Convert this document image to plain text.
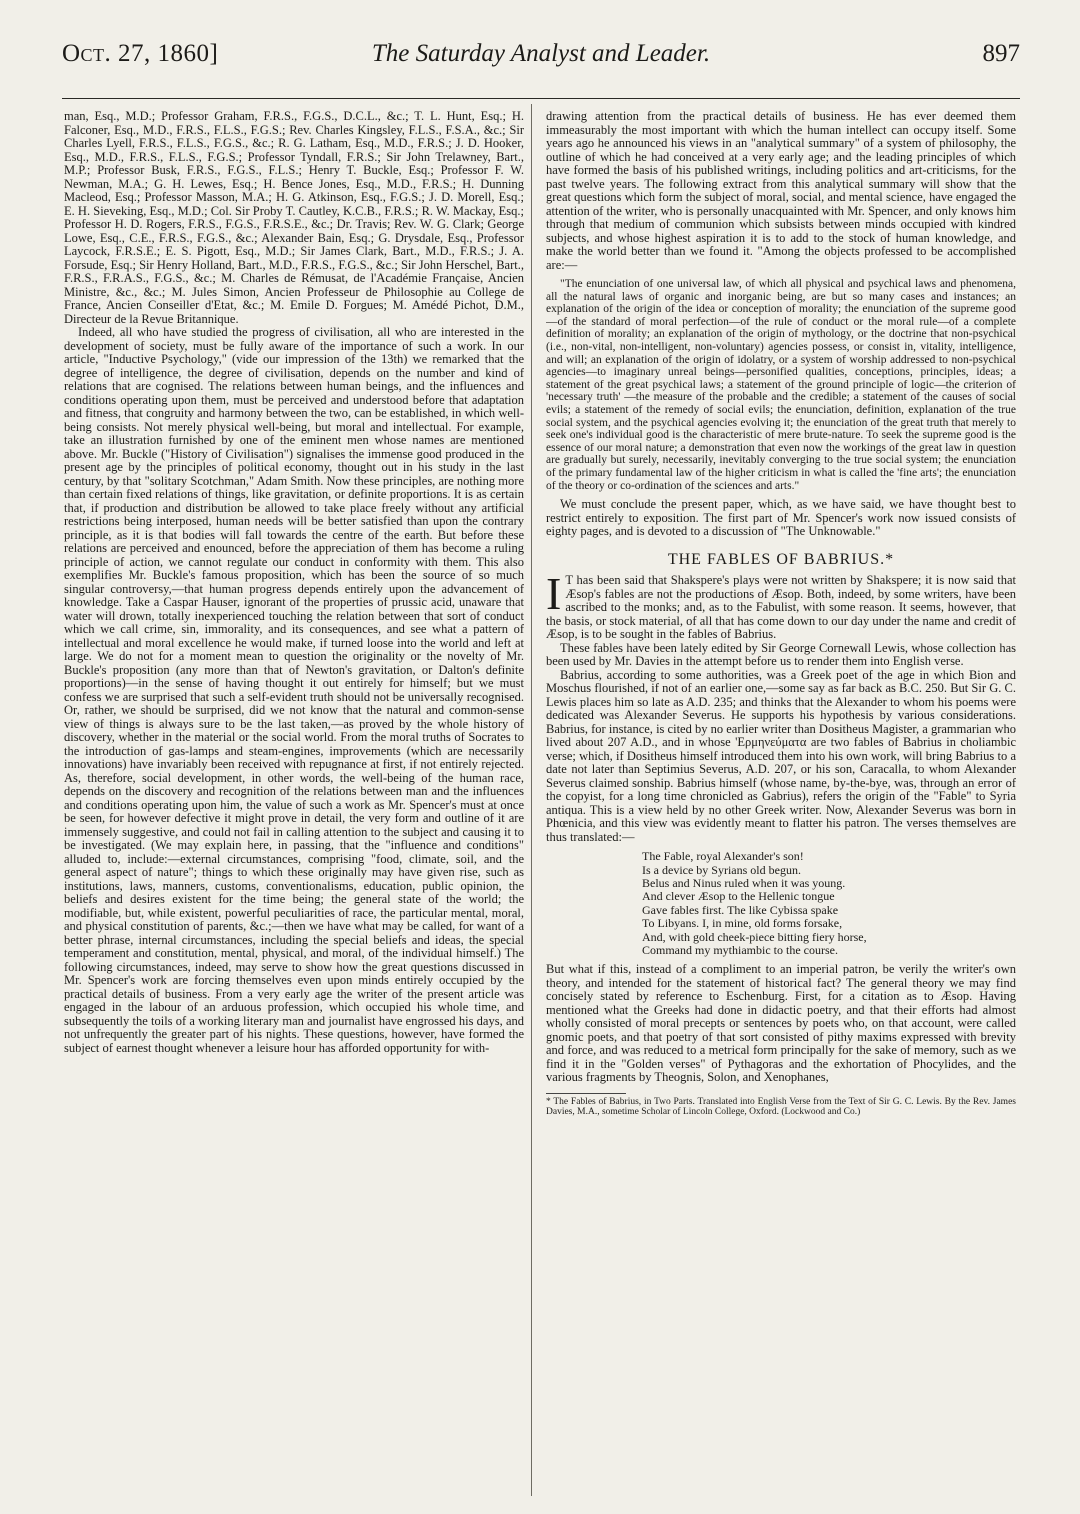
Oct. 27, 1860]	The Saturday Analyst and Leader.	897

man, Esq., M.D.; Professor Graham, F.R.S., F.G.S., D.C.L., &c.; T. L. Hunt, Esq.; H. Falconer, Esq., M.D., F.R.S., F.L.S., F.G.S.; Rev. Charles Kingsley, F.L.S., F.S.A., &c.; Sir Charles Lyell, F.R.S., F.L.S., F.G.S., &c.; R. G. Latham, Esq., M.D., F.R.S.; J. D. Hooker, Esq., M.D., F.R.S., F.L.S., F.G.S.; Professor Tyndall, F.R.S.; Sir John Trelawney, Bart., M.P.; Professor Busk, F.R.S., F.G.S., F.L.S.; Henry T. Buckle, Esq.; Professor F. W. Newman, M.A.; G. H. Lewes, Esq.; H. Bence Jones, Esq., M.D., F.R.S.; H. Dunning Macleod, Esq.; Professor Masson, M.A.; H. G. Atkinson, Esq., F.G.S.; J. D. Morell, Esq.; E. H. Sieveking, Esq., M.D.; Col. Sir Proby T. Cautley, K.C.B., F.R.S.; R. W. Mackay, Esq.; Professor H. D. Rogers, F.R.S., F.G.S., F.R.S.E., &c.; Dr. Travis; Rev. W. G. Clark; George Lowe, Esq., C.E., F.R.S., F.G.S., &c.; Alexander Bain, Esq.; G. Drysdale, Esq., Professor Laycock, F.R.S.E.; E. S. Pigott, Esq., M.D.; Sir James Clark, Bart., M.D., F.R.S.; J. A. Forsude, Esq.; Sir Henry Holland, Bart., M.D., F.R.S., F.G.S., &c.; Sir John Herschel, Bart., F.R.S., F.R.A.S., F.G.S., &c.; M. Charles de Rémusat, de l'Académie Française, Ancien Ministre, &c., &c.; M. Jules Simon, Ancien Professeur de Philosophie au College de France, Ancien Conseiller d'Etat, &c.; M. Emile D. Forgues; M. Amédé Pichot, D.M., Directeur de la Revue Britannique.

Indeed, all who have studied the progress of civilisation, all who are interested in the development of society, must be fully aware of the importance of such a work. In our article, "Inductive Psychology," (vide our impression of the 13th) we remarked that the degree of intelligence, the degree of civilisation, depends on the number and kind of relations that are cognised. The relations between human beings, and the influences and conditions operating upon them, must be perceived and understood before that adaptation and fitness, that congruity and harmony between the two, can be established, in which well-being consists. Not merely physical well-being, but moral and intellectual. For example, take an illustration furnished by one of the eminent men whose names are mentioned above. Mr. Buckle ("History of Civilisation") signalises the immense good produced in the present age by the principles of political economy, thought out in his study in the last century, by that "solitary Scotchman," Adam Smith. Now these principles, are nothing more than certain fixed relations of things, like gravitation, or definite proportions. It is as certain that, if production and distribution be allowed to take place freely without any artificial restrictions being interposed, human needs will be better satisfied than upon the contrary principle, as it is that bodies will fall towards the centre of the earth. But before these relations are perceived and enounced, before the appreciation of them has become a ruling principle of action, we cannot regulate our conduct in conformity with them. This also exemplifies Mr. Buckle's famous proposition, which has been the source of so much singular controversy,—that human progress depends entirely upon the advancement of knowledge. Take a Caspar Hauser, ignorant of the properties of prussic acid, unaware that water will drown, totally inexperienced touching the relation between that sort of conduct which we call crime, sin, immorality, and its consequences, and see what a pattern of intellectual and moral excellence he would make, if turned loose into the world and left at large. We do not for a moment mean to question the originality or the novelty of Mr. Buckle's proposition (any more than that of Newton's gravitation, or Dalton's definite proportions)—in the sense of having thought it out entirely for himself; but we must confess we are surprised that such a self-evident truth should not be universally recognised. Or, rather, we should be surprised, did we not know that the natural and common-sense view of things is always sure to be the last taken,—as proved by the whole history of discovery, whether in the material or the social world. From the moral truths of Socrates to the introduction of gas-lamps and steam-engines, improvements (which are necessarily innovations) have invariably been received with repugnance at first, if not entirely rejected. As, therefore, social development, in other words, the well-being of the human race, depends on the discovery and recognition of the relations between man and the influences and conditions operating upon him, the value of such a work as Mr. Spencer's must at once be seen, for however defective it might prove in detail, the very form and outline of it are immensely suggestive, and could not fail in calling attention to the subject and causing it to be investigated. (We may explain here, in passing, that the "influence and conditions" alluded to, include:—external circumstances, comprising "food, climate, soil, and the general aspect of nature"; things to which these originally may have given rise, such as institutions, laws, manners, customs, conventionalisms, education, public opinion, the beliefs and desires existent for the time being; the general state of the world; the modifiable, but, while existent, powerful peculiarities of race, the particular mental, moral, and physical constitution of parents, &c.;—then we have what may be called, for want of a better phrase, internal circumstances, including the special beliefs and ideas, the special temperament and constitution, mental, physical, and moral, of the individual himself.) The following circumstances, indeed, may serve to show how the great questions discussed in Mr. Spencer's work are forcing themselves even upon minds entirely occupied by the practical details of business. From a very early age the writer of the present article was engaged in the labour of an arduous profession, which occupied his whole time, and subsequently the toils of a working literary man and journalist have engrossed his days, and not unfrequently the greater part of his nights. These questions, however, have formed the subject of earnest thought whenever a leisure hour has afforded opportunity for with-

drawing attention from the practical details of business. He has ever deemed them immeasurably the most important with which the human intellect can occupy itself. Some years ago he announced his views in an "analytical summary" of a system of philosophy, the outline of which he had conceived at a very early age; and the leading principles of which have formed the basis of his published writings, including politics and art-criticisms, for the past twelve years. The following extract from this analytical summary will show that the great questions which form the subject of moral, social, and mental science, have engaged the attention of the writer, who is personally unacquainted with Mr. Spencer, and only knows him through that medium of communion which subsists between minds occupied with kindred subjects, and whose highest aspiration it is to add to the stock of human knowledge, and make the world better than we found it. "Among the objects professed to be accomplished are:—

"The enunciation of one universal law, of which all physical and psychical laws and phenomena, all the natural laws of organic and inorganic being, are but so many cases and instances; an explanation of the origin of the idea or conception of morality; the enunciation of the supreme good—of the standard of moral perfection—of the rule of conduct or the moral rule—of a complete definition of morality; an explanation of the origin of mythology, or the doctrine that non-psychical (i.e., non-vital, non-intelligent, non-voluntary) agencies possess, or consist in, vitality, intelligence, and will; an explanation of the origin of idolatry, or a system of worship addressed to non-psychical agencies—to imaginary unreal beings—personified qualities, conceptions, principles, ideas; a statement of the great psychical laws; a statement of the ground principle of logic—the criterion of 'necessary truth' —the measure of the probable and the credible; a statement of the causes of social evils; a statement of the remedy of social evils; the enunciation, definition, explanation of the true social system, and the psychical agencies evolving it; the enunciation of the great truth that merely to seek one's individual good is the characteristic of mere brute-nature. To seek the supreme good is the essence of our moral nature; a demonstration that even now the workings of the great law in question are gradually but surely, necessarily, inevitably converging to the true social system; the enunciation of the primary fundamental law of the higher criticism in what is called the 'fine arts'; the enunciation of the theory or co-ordination of the sciences and arts."

We must conclude the present paper, which, as we have said, we have thought best to restrict entirely to exposition. The first part of Mr. Spencer's work now issued consists of eighty pages, and is devoted to a discussion of "The Unknowable."

THE FABLES OF BABRIUS.*

I T has been said that Shakspere's plays were not written by Shakspere; it is now said that Æsop's fables are not the productions of Æsop. Both, indeed, by some writers, have been ascribed to the monks; and, as to the Fabulist, with some reason. It seems, however, that the basis, or stock material, of all that has come down to our day under the name and credit of Æsop, is to be sought in the fables of Babrius.

These fables have been lately edited by Sir George Cornewall Lewis, whose collection has been used by Mr. Davies in the attempt before us to render them into English verse.

Babrius, according to some authorities, was a Greek poet of the age in which Bion and Moschus flourished, if not of an earlier one,—some say as far back as B.C. 250. But Sir G. C. Lewis places him so late as A.D. 235; and thinks that the Alexander to whom his poems were dedicated was Alexander Severus. He supports his hypothesis by various considerations. Babrius, for instance, is cited by no earlier writer than Dositheus Magister, a grammarian who lived about 207 A.D., and in whose 'Ερμηνεύματα are two fables of Babrius in choliambic verse; which, if Dositheus himself introduced them into his own work, will bring Babrius to a date not later than Septimius Severus, A.D. 207, or his son, Caracalla, to whom Alexander Severus claimed sonship. Babrius himself (whose name, by-the-bye, was, through an error of the copyist, for a long time chronicled as Gabrius), refers the origin of the "Fable" to Syria antiqua. This is a view held by no other Greek writer. Now, Alexander Severus was born in Phœnicia, and this view was evidently meant to flatter his patron. The verses themselves are thus translated:—

The Fable, royal Alexander's son!
Is a device by Syrians old begun.
Belus and Ninus ruled when it was young.
And clever Æsop to the Hellenic tongue
Gave fables first. The like Cybissa spake
To Libyans. I, in mine, old forms forsake,
And, with gold cheek-piece bitting fiery horse,
Command my mythiambic to the course.

But what if this, instead of a compliment to an imperial patron, be verily the writer's own theory, and intended for the statement of historical fact? The general theory we may find concisely stated by reference to Eschenburg. First, for a citation as to Æsop. Having mentioned what the Greeks had done in didactic poetry, and that their efforts had almost wholly consisted of moral precepts or sentences by poets who, on that account, were called gnomic poets, and that poetry of that sort consisted of pithy maxims expressed with brevity and force, and was reduced to a metrical form principally for the sake of memory, such as we find it in the "Golden verses" of Pythagoras and the exhortation of Phocylides, and the various fragments by Theognis, Solon, and Xenophanes,

* The Fables of Babrius, in Two Parts. Translated into English Verse from the Text of Sir G. C. Lewis. By the Rev. James Davies, M.A., sometime Scholar of Lincoln College, Oxford. (Lockwood and Co.)
